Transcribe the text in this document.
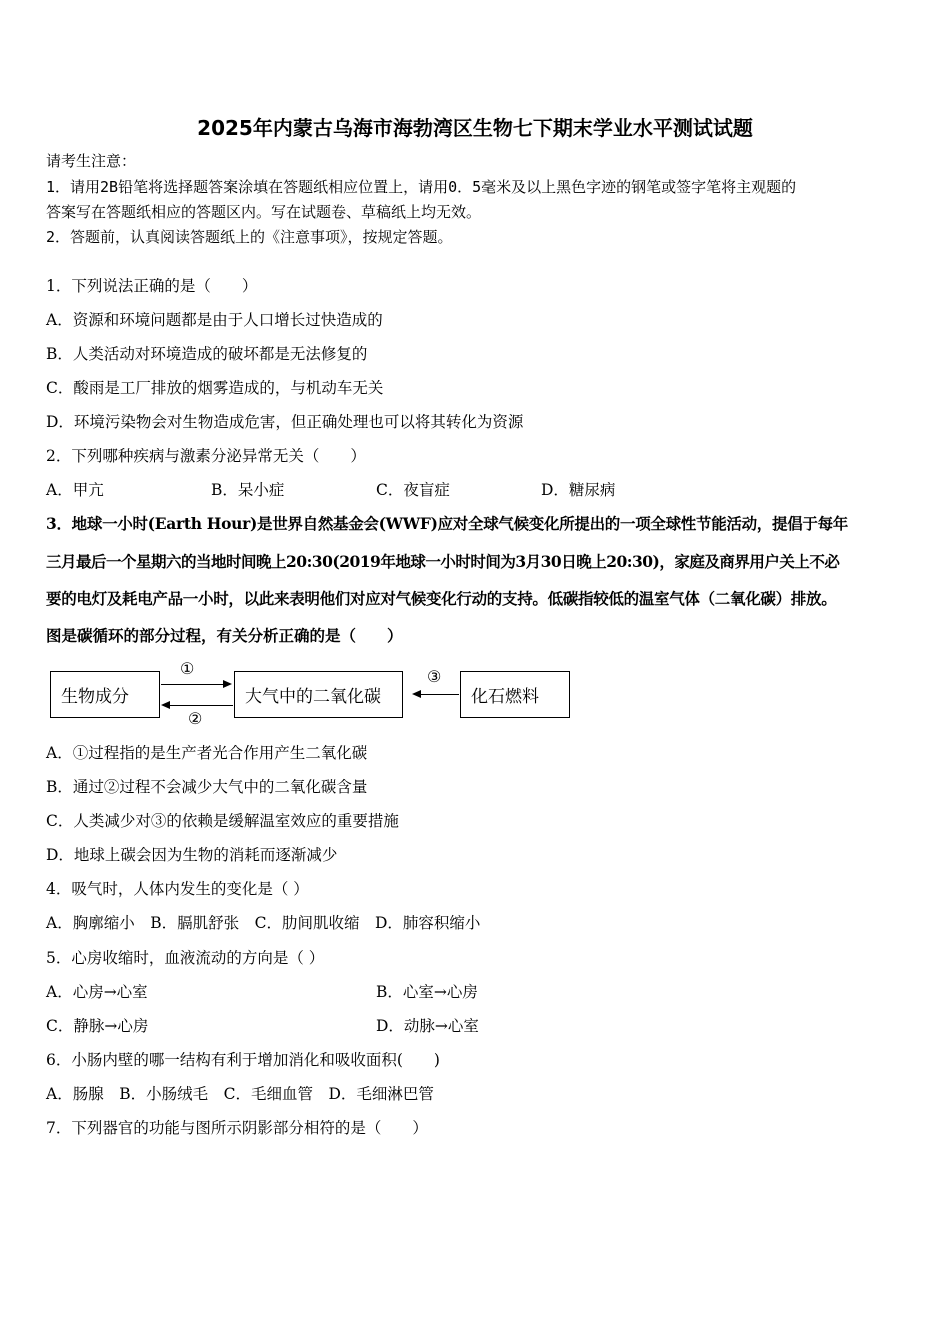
2025年内蒙古乌海市海勃湾区生物七下期末学业水平测试试题
请考生注意：
1．请用2B铅笔将选择题答案涂填在答题纸相应位置上，请用0．5毫米及以上黑色字迹的钢笔或签字笔将主观题的
答案写在答题纸相应的答题区内。写在试题卷、草稿纸上均无效。
2．答题前，认真阅读答题纸上的《注意事项》，按规定答题。
1．下列说法正确的是（　　）
A．资源和环境问题都是由于人口增长过快造成的
B．人类活动对环境造成的破坏都是无法修复的
C．酸雨是工厂排放的烟雾造成的，与机动车无关
D．环境污染物会对生物造成危害，但正确处理也可以将其转化为资源
2．下列哪种疾病与激素分泌异常无关（　　）
A．甲亢	B．呆小症	C．夜盲症	D．糖尿病
3．地球一小时(Earth Hour)是世界自然基金会(WWF)应对全球气候变化所提出的一项全球性节能活动，提倡于每年
三月最后一个星期六的当地时间晚上20:30(2019年地球一小时时间为3月30日晚上20:30)，家庭及商界用户关上不必
要的电灯及耗电产品一小时，以此来表明他们对应对气候变化行动的支持。低碳指较低的温室气体（二氧化碳）排放。
图是碳循环的部分过程，有关分析正确的是（　　）
生物成分	大气中的二氧化碳	化石燃料
①
②
③
A．①过程指的是生产者光合作用产生二氧化碳
B．通过②过程不会减少大气中的二氧化碳含量
C．人类减少对③的依赖是缓解温室效应的重要措施
D．地球上碳会因为生物的消耗而逐渐减少
4．吸气时，人体内发生的变化是（ ）
A．胸廓缩小　B．膈肌舒张　C．肋间肌收缩　D．肺容积缩小
5．心房收缩时，血液流动的方向是（ ）
A．心房→心室	B．心室→心房
C．静脉→心房	D．动脉→心室
6．小肠内壁的哪一结构有利于增加消化和吸收面积(　　)
A．肠腺　B．小肠绒毛　C．毛细血管　D．毛细淋巴管
7．下列器官的功能与图所示阴影部分相符的是（　　）
